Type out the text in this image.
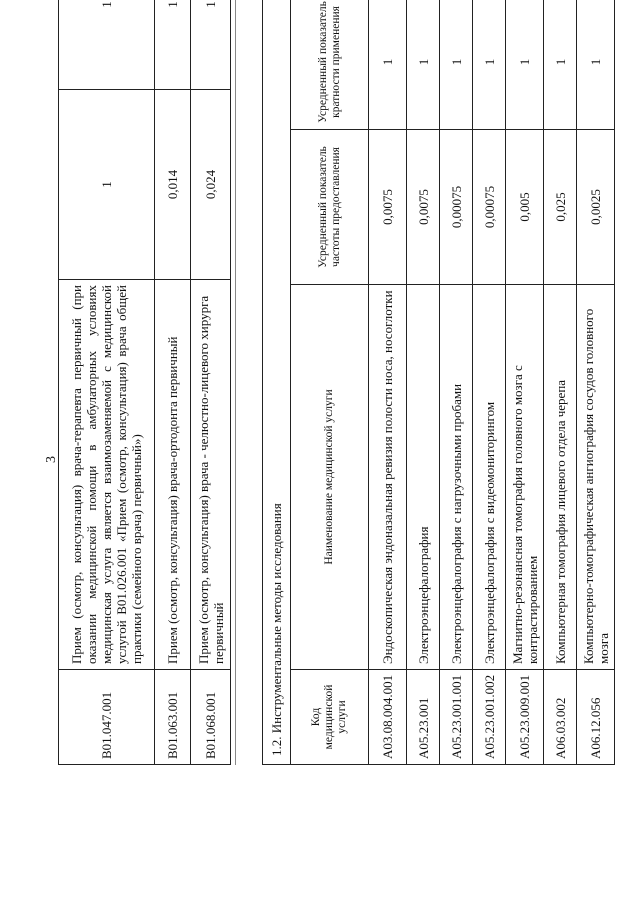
3
B01.047.001	Прием (осмотр, консультация) врача-терапевта первичный (при оказании медицинской помощи в амбулаторных условиях медицинская услуга является взаимозаменяемой с медицинской услугой B01.026.001 «Прием (осмотр, консультация) врача общей практики (семейного врача) первичный»)	1	1
B01.063.001	Прием (осмотр, консультация) врача-ортодонта первичный	0,014	1
B01.068.001	Прием (осмотр, консультация) врача - челюстно-лицевого хирурга первичный	0,024	1
1.2. Инструментальные методы исследования			
Код медицинской услуги	Наименование медицинской услуги	Усредненный показатель частоты предоставления	Усредненный показатель кратности применения
A03.08.004.001	Эндоскопическая эндоназальная ревизия полости носа, носоглотки	0,0075	1
A05.23.001	Электроэнцефалография	0,0075	1
A05.23.001.001	Электроэнцефалография с нагрузочными пробами	0,00075	1
A05.23.001.002	Электроэнцефалография с видеомониторингом	0,00075	1
A05.23.009.001	Магнитно-резонансная томография головного мозга с контрастированием	0,005	1
A06.03.002	Компьютерная томография лицевого отдела черепа	0,025	1
A06.12.056	Компьютерно-томографическая ангиография сосудов головного мозга	0,0025	1
